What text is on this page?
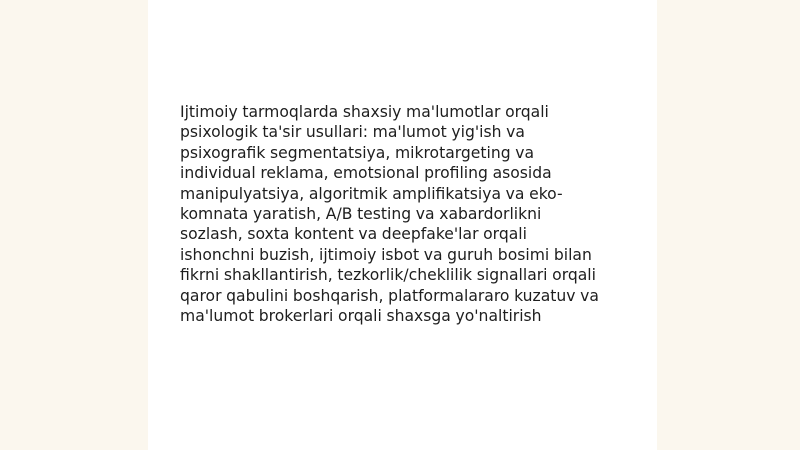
Ijtimoiy tarmoqlarda shaxsiy ma'lumotlar orqali
psixologik ta'sir usullari: ma'lumot yig'ish va
psixografik segmentatsiya, mikrotargeting va
individual reklama, emotsional profiling asosida
manipulyatsiya, algoritmik amplifikatsiya va eko-
komnata yaratish, A/B testing va xabardorlikni
sozlash, soxta kontent va deepfake'lar orqali
ishonchni buzish, ijtimoiy isbot va guruh bosimi bilan
fikrni shakllantirish, tezkorlik/cheklilik signallari orqali
qaror qabulini boshqarish, platformalararo kuzatuv va
ma'lumot brokerlari orqali shaxsga yo'naltirish
